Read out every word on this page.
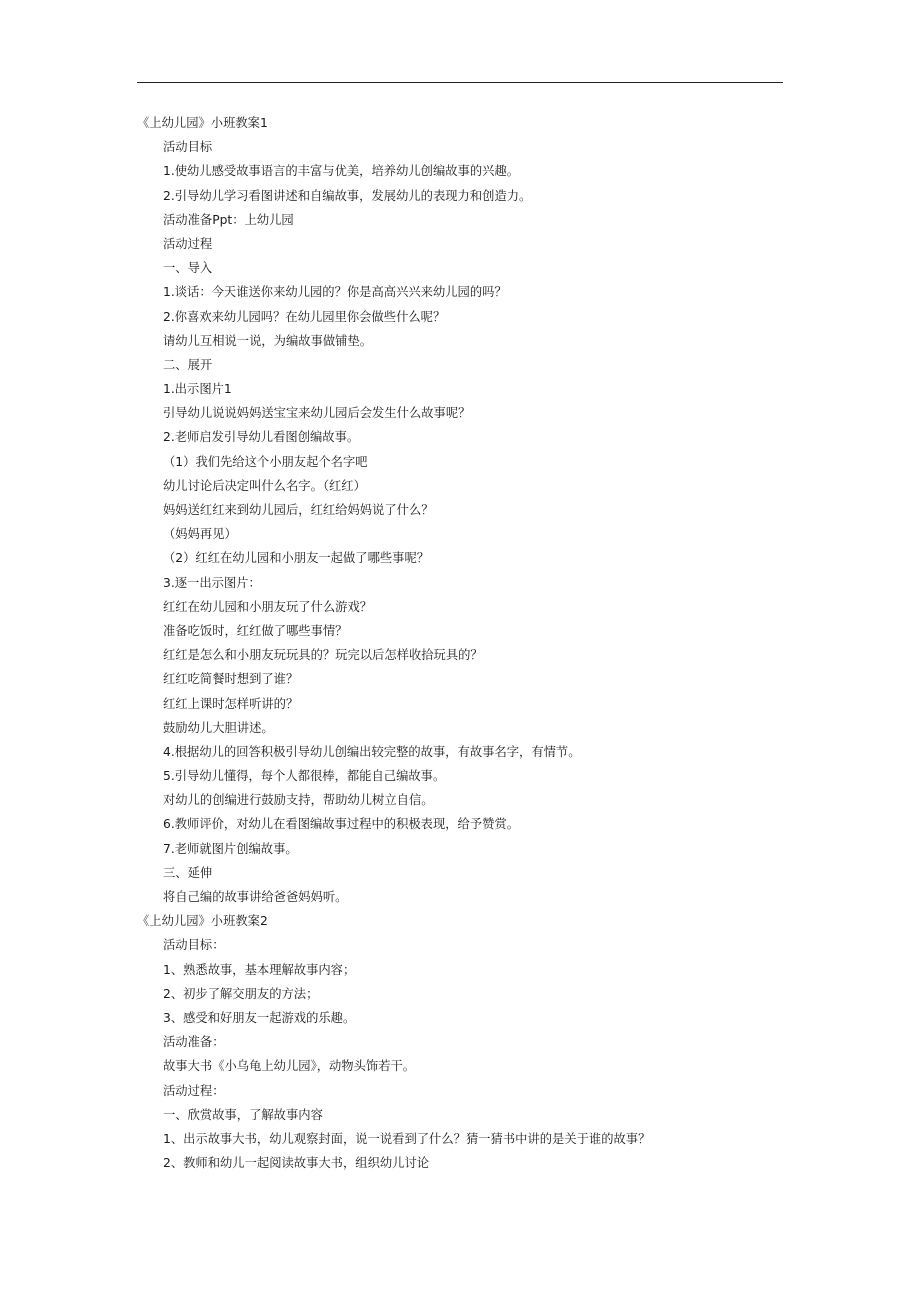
《上幼儿园》小班教案1
活动目标
1.使幼儿感受故事语言的丰富与优美，培养幼儿创编故事的兴趣。
2.引导幼儿学习看图讲述和自编故事，发展幼儿的表现力和创造力。
活动准备Ppt：上幼儿园
活动过程
一、导入
1.谈话：今天谁送你来幼儿园的？你是高高兴兴来幼儿园的吗？
2.你喜欢来幼儿园吗？在幼儿园里你会做些什么呢？
请幼儿互相说一说，为编故事做铺垫。
二、展开
1.出示图片1
引导幼儿说说妈妈送宝宝来幼儿园后会发生什么故事呢？
2.老师启发引导幼儿看图创编故事。
（1）我们先给这个小朋友起个名字吧
幼儿讨论后决定叫什么名字。（红红）
妈妈送红红来到幼儿园后，红红给妈妈说了什么？
（妈妈再见）
（2）红红在幼儿园和小朋友一起做了哪些事呢？
3.逐一出示图片：
红红在幼儿园和小朋友玩了什么游戏？
准备吃饭时，红红做了哪些事情？
红红是怎么和小朋友玩玩具的？玩完以后怎样收拾玩具的？
红红吃简餐时想到了谁？
红红上课时怎样听讲的？
鼓励幼儿大胆讲述。
4.根据幼儿的回答积极引导幼儿创编出较完整的故事，有故事名字，有情节。
5.引导幼儿懂得，每个人都很棒，都能自己编故事。
对幼儿的创编进行鼓励支持，帮助幼儿树立自信。
6.教师评价，对幼儿在看图编故事过程中的积极表现，给予赞赏。
7.老师就图片创编故事。
三、延伸
将自己编的故事讲给爸爸妈妈听。
《上幼儿园》小班教案2
活动目标：
1、熟悉故事，基本理解故事内容；
2、初步了解交朋友的方法；
3、感受和好朋友一起游戏的乐趣。
活动准备：
故事大书《小乌龟上幼儿园》，动物头饰若干。
活动过程：
一、欣赏故事，了解故事内容
1、出示故事大书，幼儿观察封面，说一说看到了什么？猜一猜书中讲的是关于谁的故事？
2、教师和幼儿一起阅读故事大书，组织幼儿讨论
